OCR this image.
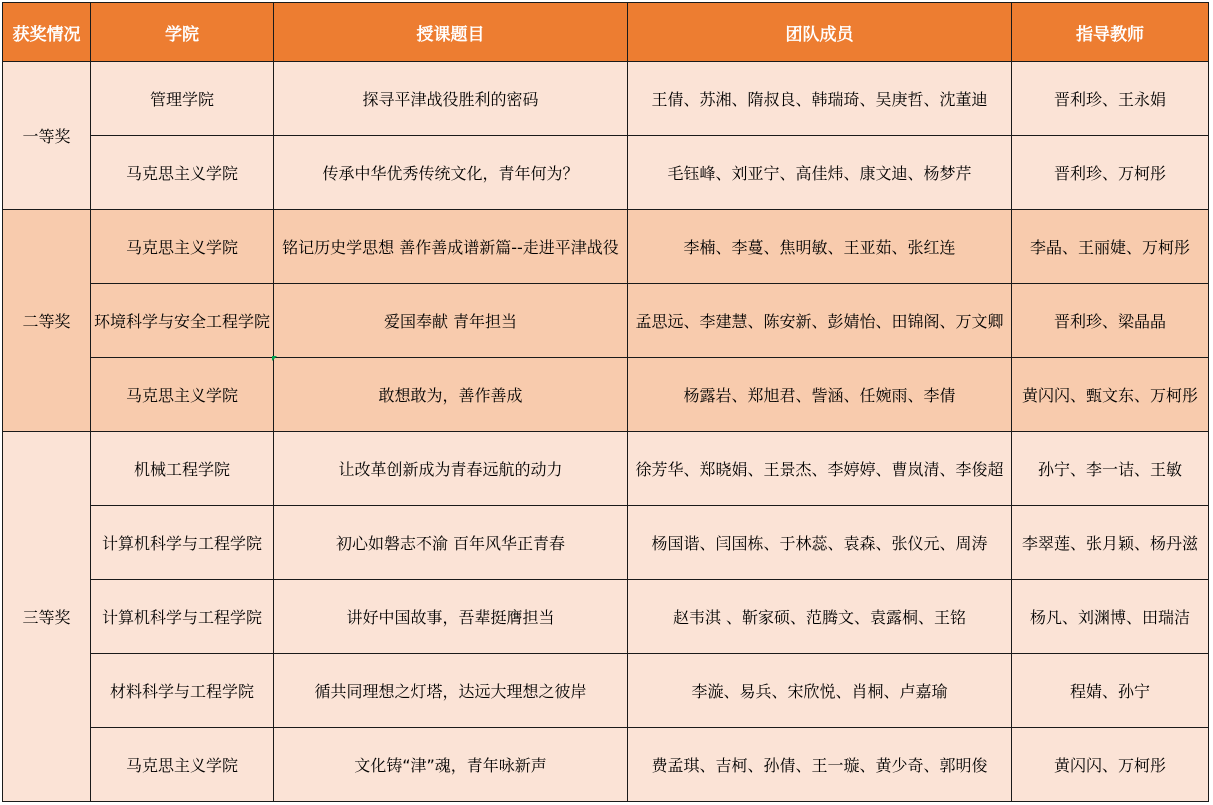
获奖情况	学院	授课题目	团队成员	指导教师
一等奖	管理学院	探寻平津战役胜利的密码	王倩、苏湘、隋叔良、韩瑞琦、吴庚哲、沈董迪	晋利珍、王永娟
	马克思主义学院	传承中华优秀传统文化，青年何为？	毛钰峰、刘亚宁、高佳炜、康文迪、杨梦芹	晋利珍、万柯彤
二等奖	马克思主义学院	铭记历史学思想 善作善成谱新篇--走进平津战役	李楠、李蔓、焦明敏、王亚茹、张红连	李晶、王丽婕、万柯彤
	环境科学与安全工程学院	爱国奉献 青年担当	孟思远、李建慧、陈安新、彭婧怡、田锦阁、万文卿	晋利珍、梁晶晶
	马克思主义学院	敢想敢为，善作善成	杨露岩、郑旭君、訾涵、任婉雨、李倩	黄闪闪、甄文东、万柯彤
三等奖	机械工程学院	让改革创新成为青春远航的动力	徐芳华、郑晓娟、王景杰、李婷婷、曹岚清、李俊超	孙宁、李一诘、王敏
	计算机科学与工程学院	初心如磐志不渝 百年风华正青春	杨国谐、闫国栋、于林蕊、袁森、张仪元、周涛	李翠莲、张月颖、杨丹滋
	计算机科学与工程学院	讲好中国故事，吾辈挺膺担当	赵韦淇 、靳家硕、范腾文、袁露桐、王铭	杨凡、刘渊博、田瑞洁
	材料科学与工程学院	循共同理想之灯塔，达远大理想之彼岸	李漩、易兵、宋欣悦、肖桐、卢嘉瑜	程婧、孙宁
	马克思主义学院	文化铸“津”魂，青年咏新声	费孟琪、吉柯、孙倩、王一璇、黄少奇、郭明俊	黄闪闪、万柯彤
